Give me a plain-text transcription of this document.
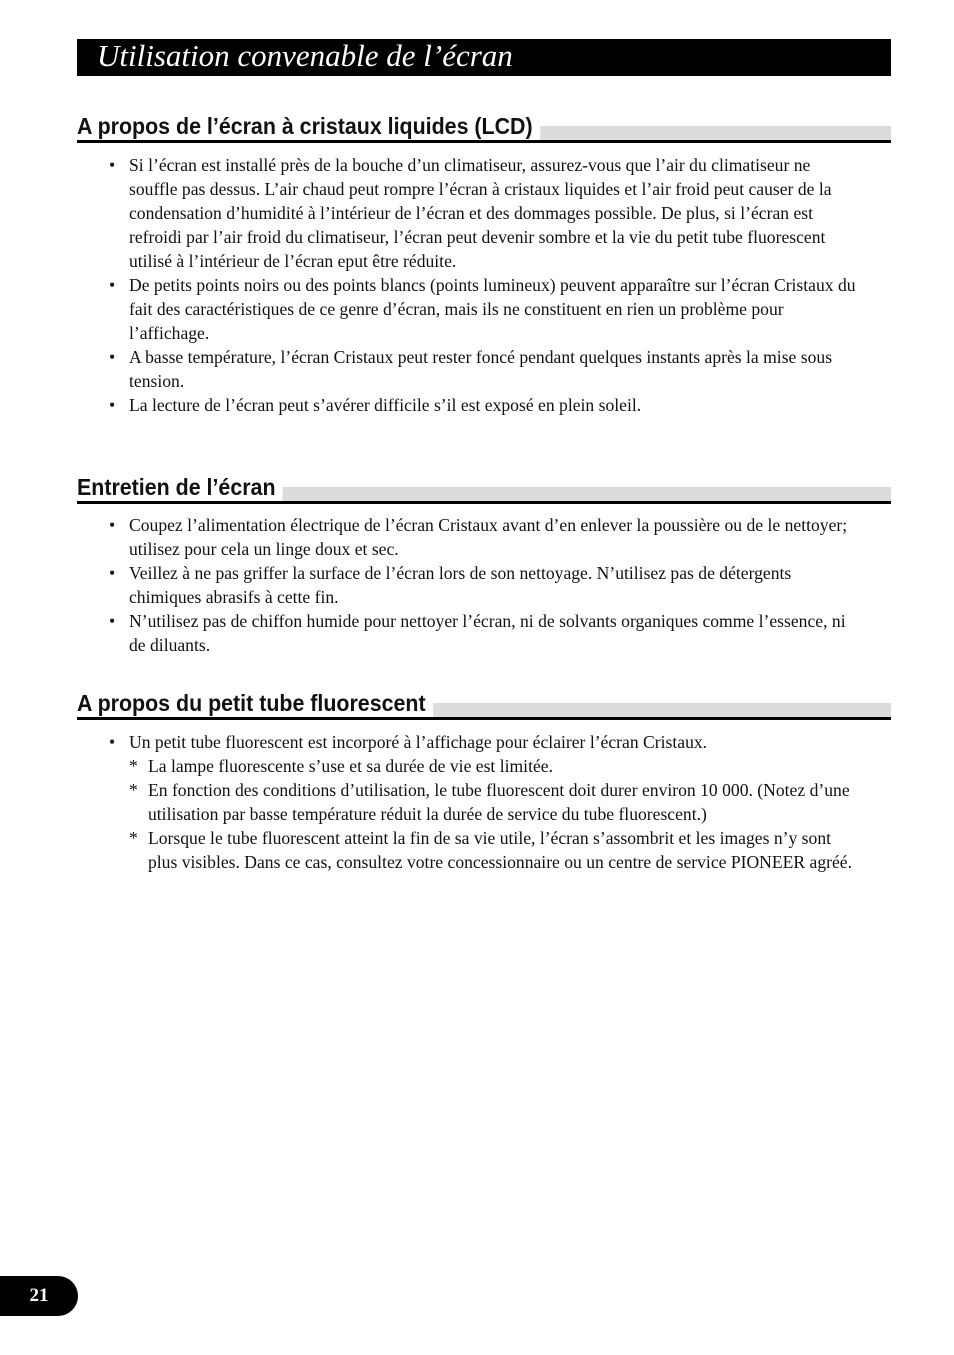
Utilisation convenable de l’écran
A propos de l’écran à cristaux liquides (LCD)
• Si l’écran est installé près de la bouche d’un climatiseur, assurez-vous que l’air du climatiseur ne souffle pas dessus. L’air chaud peut rompre l’écran à cristaux liquides et l’air froid peut causer de la condensation d’humidité à l’intérieur de l’écran et des dommages possible. De plus, si l’écran est refroidi par l’air froid du climatiseur, l’écran peut devenir sombre et la vie du petit tube fluorescent utilisé à l’intérieur de l’écran eput être réduite.
• De petits points noirs ou des points blancs (points lumineux) peuvent apparaître sur l’écran Cristaux du fait des caractéristiques de ce genre d’écran, mais ils ne constituent en rien un problème pour l’affichage.
• A basse température, l’écran Cristaux peut rester foncé pendant quelques instants après la mise sous tension.
• La lecture de l’écran peut s’avérer difficile s’il est exposé en plein soleil.
Entretien de l’écran
• Coupez l’alimentation électrique de l’écran Cristaux avant d’en enlever la poussière ou de le nettoyer; utilisez pour cela un linge doux et sec.
• Veillez à ne pas griffer la surface de l’écran lors de son nettoyage. N’utilisez pas de détergents chimiques abrasifs à cette fin.
• N’utilisez pas de chiffon humide pour nettoyer l’écran, ni de solvants organiques comme l’essence, ni de diluants.
A propos du petit tube fluorescent
• Un petit tube fluorescent est incorporé à l’affichage pour éclairer l’écran Cristaux.
* La lampe fluorescente s’use et sa durée de vie est limitée.
* En fonction des conditions d’utilisation, le tube fluorescent doit durer environ 10 000. (Notez d’une utilisation par basse température réduit la durée de service du tube fluorescent.)
* Lorsque le tube fluorescent atteint la fin de sa vie utile, l’écran s’assombrit et les images n’y sont plus visibles. Dans ce cas, consultez votre concessionnaire ou un centre de service PIONEER agréé.
21
